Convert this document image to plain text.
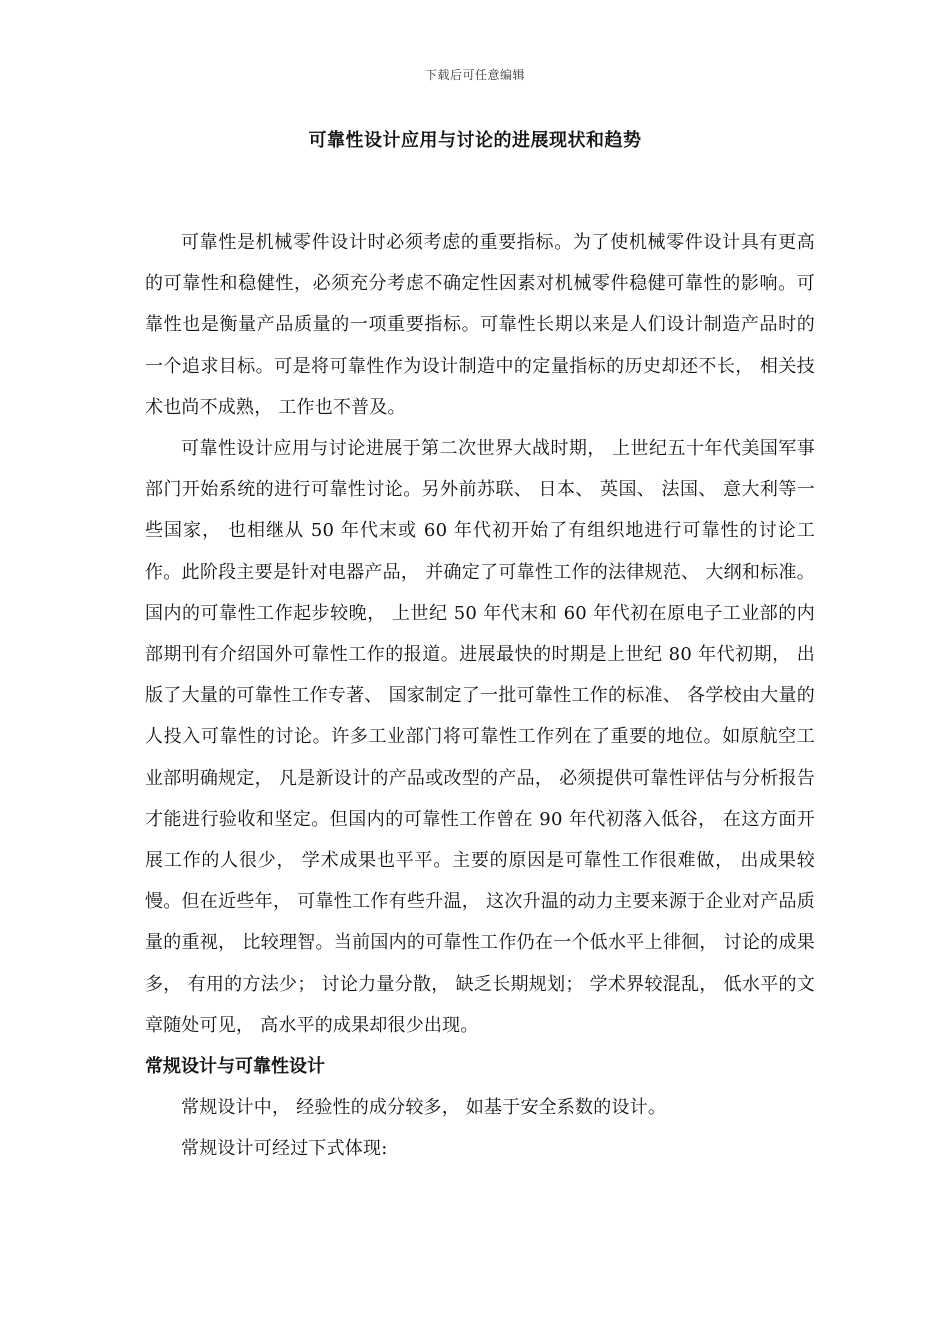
下载后可任意编辑
可靠性设计应用与讨论的进展现状和趋势

可靠性是机械零件设计时必须考虑的重要指标。为了使机械零件设计具有更高的可靠性和稳健性，必须充分考虑不确定性因素对机械零件稳健可靠性的影响。可靠性也是衡量产品质量的一项重要指标。可靠性长期以来是人们设计制造产品时的一个追求目标。可是将可靠性作为设计制造中的定量指标的历史却还不长， 相关技术也尚不成熟， 工作也不普及。

可靠性设计应用与讨论进展于第二次世界大战时期， 上世纪五十年代美国军事部门开始系统的进行可靠性讨论。另外前苏联、 日本、 英国、 法国、 意大利等一些国家， 也相继从 50 年代末或 60 年代初开始了有组织地进行可靠性的讨论工作。此阶段主要是针对电器产品， 并确定了可靠性工作的法律规范、 大纲和标准。国内的可靠性工作起步较晚， 上世纪 50 年代末和 60 年代初在原电子工业部的内部期刊有介绍国外可靠性工作的报道。进展最快的时期是上世纪 80 年代初期， 出版了大量的可靠性工作专著、 国家制定了一批可靠性工作的标准、 各学校由大量的人投入可靠性的讨论。许多工业部门将可靠性工作列在了重要的地位。如原航空工业部明确规定， 凡是新设计的产品或改型的产品， 必须提供可靠性评估与分析报告才能进行验收和坚定。但国内的可靠性工作曾在 90 年代初落入低谷， 在这方面开展工作的人很少， 学术成果也平平。主要的原因是可靠性工作很难做， 出成果较慢。但在近些年， 可靠性工作有些升温， 这次升温的动力主要来源于企业对产品质量的重视， 比较理智。当前国内的可靠性工作仍在一个低水平上徘徊， 讨论的成果多， 有用的方法少； 讨论力量分散， 缺乏长期规划； 学术界较混乱， 低水平的文章随处可见， 高水平的成果却很少出现。

常规设计与可靠性设计

常规设计中， 经验性的成分较多， 如基于安全系数的设计。

常规设计可经过下式体现:
